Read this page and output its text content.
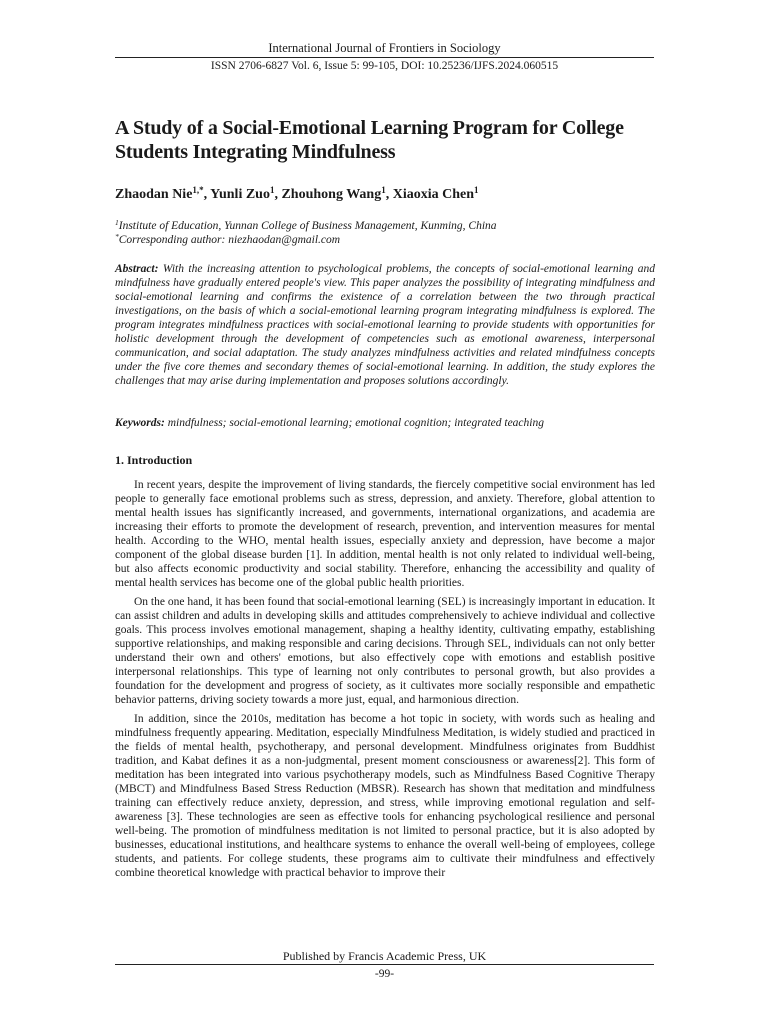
International Journal of Frontiers in Sociology
ISSN 2706-6827 Vol. 6, Issue 5: 99-105, DOI: 10.25236/IJFS.2024.060515
A Study of a Social-Emotional Learning Program for College Students Integrating Mindfulness
Zhaodan Nie$^{1,*}$, Yunli Zuo$^1$, Zhouhong Wang$^1$, Xiaoxia Chen$^1$
$^1$Institute of Education, Yunnan College of Business Management, Kunming, China
*Corresponding author: niezhaodan@gmail.com

Abstract: With the increasing attention to psychological problems, the concepts of social-emotional learning and mindfulness have gradually entered people's view. This paper analyzes the possibility of integrating mindfulness and social-emotional learning and confirms the existence of a correlation between the two through practical investigations, on the basis of which a social-emotional learning program integrating mindfulness is explored. The program integrates mindfulness practices with social-emotional learning to provide students with opportunities for holistic development through the development of competencies such as emotional awareness, interpersonal communication, and social adaptation. The study analyzes mindfulness activities and related mindfulness concepts under the five core themes and secondary themes of social-emotional learning. In addition, the study explores the challenges that may arise during implementation and proposes solutions accordingly.

Keywords: mindfulness; social-emotional learning; emotional cognition; integrated teaching
1. Introduction

In recent years, despite the improvement of living standards, the fiercely competitive social environment has led people to generally face emotional problems such as stress, depression, and anxiety. Therefore, global attention to mental health issues has significantly increased, and governments, international organizations, and academia are increasing their efforts to promote the development of research, prevention, and intervention measures for mental health. According to the WHO, mental health issues, especially anxiety and depression, have become a major component of the global disease burden [1]. In addition, mental health is not only related to individual well-being, but also affects economic productivity and social stability. Therefore, enhancing the accessibility and quality of mental health services has become one of the global public health priorities.

On the one hand, it has been found that social-emotional learning (SEL) is increasingly important in education. It can assist children and adults in developing skills and attitudes comprehensively to achieve individual and collective goals. This process involves emotional management, shaping a healthy identity, cultivating empathy, establishing supportive relationships, and making responsible and caring decisions. Through SEL, individuals can not only better understand their own and others' emotions, but also effectively cope with emotions and establish positive interpersonal relationships. This type of learning not only contributes to personal growth, but also provides a foundation for the development and progress of society, as it cultivates more socially responsible and empathetic behavior patterns, driving society towards a more just, equal, and harmonious direction.

In addition, since the 2010s, meditation has become a hot topic in society, with words such as healing and mindfulness frequently appearing. Meditation, especially Mindfulness Meditation, is widely studied and practiced in the fields of mental health, psychotherapy, and personal development. Mindfulness originates from Buddhist tradition, and Kabat defines it as a non-judgmental, present moment consciousness or awareness[2]. This form of meditation has been integrated into various psychotherapy models, such as Mindfulness Based Cognitive Therapy (MBCT) and Mindfulness Based Stress Reduction (MBSR). Research has shown that meditation and mindfulness training can effectively reduce anxiety, depression, and stress, while improving emotional regulation and self-awareness [3]. These technologies are seen as effective tools for enhancing psychological resilience and personal well-being. The promotion of mindfulness meditation is not limited to personal practice, but it is also adopted by businesses, educational institutions, and healthcare systems to enhance the overall well-being of employees, college students, and patients. For college students, these programs aim to cultivate their mindfulness and effectively combine theoretical knowledge with practical behavior to improve their

Published by Francis Academic Press, UK
-99-
